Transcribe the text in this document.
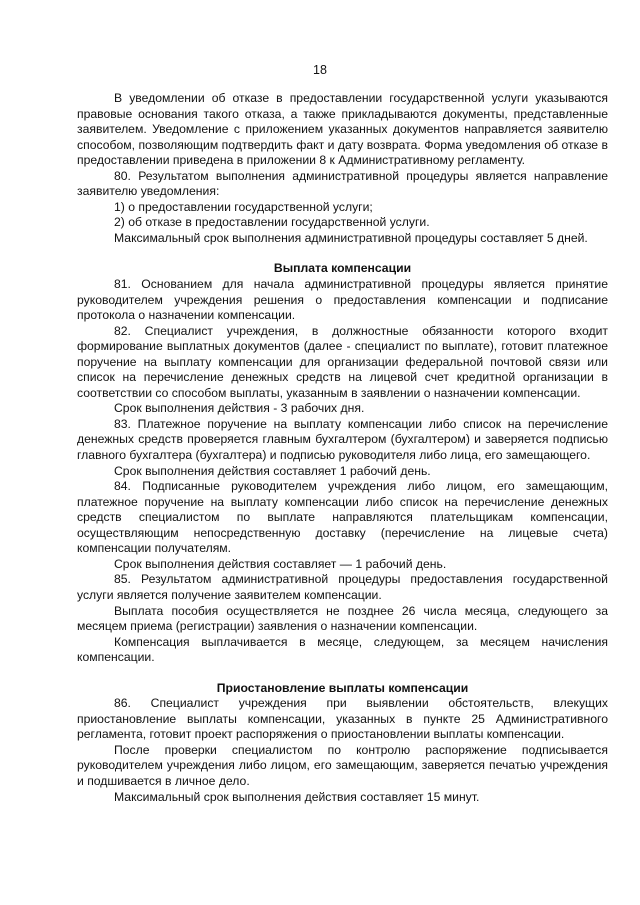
18

В уведомлении об отказе в предоставлении государственной услуги указываются правовые основания такого отказа, а также прикладываются документы, представленные заявителем. Уведомление с приложением указанных документов направляется заявителю способом, позволяющим подтвердить факт и дату возврата. Форма уведомления об отказе в предоставлении приведена в приложении 8 к Административному регламенту.

80. Результатом выполнения административной процедуры является направление заявителю уведомления:

1) о предоставлении государственной услуги;

2) об отказе в предоставлении государственной услуги.

Максимальный срок выполнения административной процедуры составляет 5 дней.

Выплата компенсации

81. Основанием для начала административной процедуры является принятие руководителем учреждения решения о предоставления компенсации и подписание протокола о назначении компенсации.

82. Специалист учреждения, в должностные обязанности которого входит формирование выплатных документов (далее - специалист по выплате), готовит платежное поручение на выплату компенсации для организации федеральной почтовой связи или список на перечисление денежных средств на лицевой счет кредитной организации в соответствии со способом выплаты, указанным в заявлении о назначении компенсации.

Срок выполнения действия - 3 рабочих дня.

83. Платежное поручение на выплату компенсации либо список на перечисление денежных средств проверяется главным бухгалтером (бухгалтером) и заверяется подписью главного бухгалтера (бухгалтера) и подписью руководителя либо лица, его замещающего.

Срок выполнения действия составляет 1 рабочий день.

84. Подписанные руководителем учреждения либо лицом, его замещающим, платежное поручение на выплату компенсации либо список на перечисление денежных средств специалистом по выплате направляются плательщикам компенсации, осуществляющим непосредственную доставку (перечисление на лицевые счета) компенсации получателям.

Срок выполнения действия составляет — 1 рабочий день.

85. Результатом административной процедуры предоставления государственной услуги является получение заявителем компенсации.

Выплата пособия осуществляется не позднее 26 числа месяца, следующего за месяцем приема (регистрации) заявления о назначении компенсации.

Компенсация выплачивается в месяце, следующем, за месяцем начисления компенсации.

Приостановление выплаты компенсации

86. Специалист учреждения при выявлении обстоятельств, влекущих приостановление выплаты компенсации, указанных в пункте 25 Административного регламента, готовит проект распоряжения о приостановлении выплаты компенсации.

После проверки специалистом по контролю распоряжение подписывается руководителем учреждения либо лицом, его замещающим, заверяется печатью учреждения и подшивается в личное дело.

Максимальный срок выполнения действия составляет 15 минут.
